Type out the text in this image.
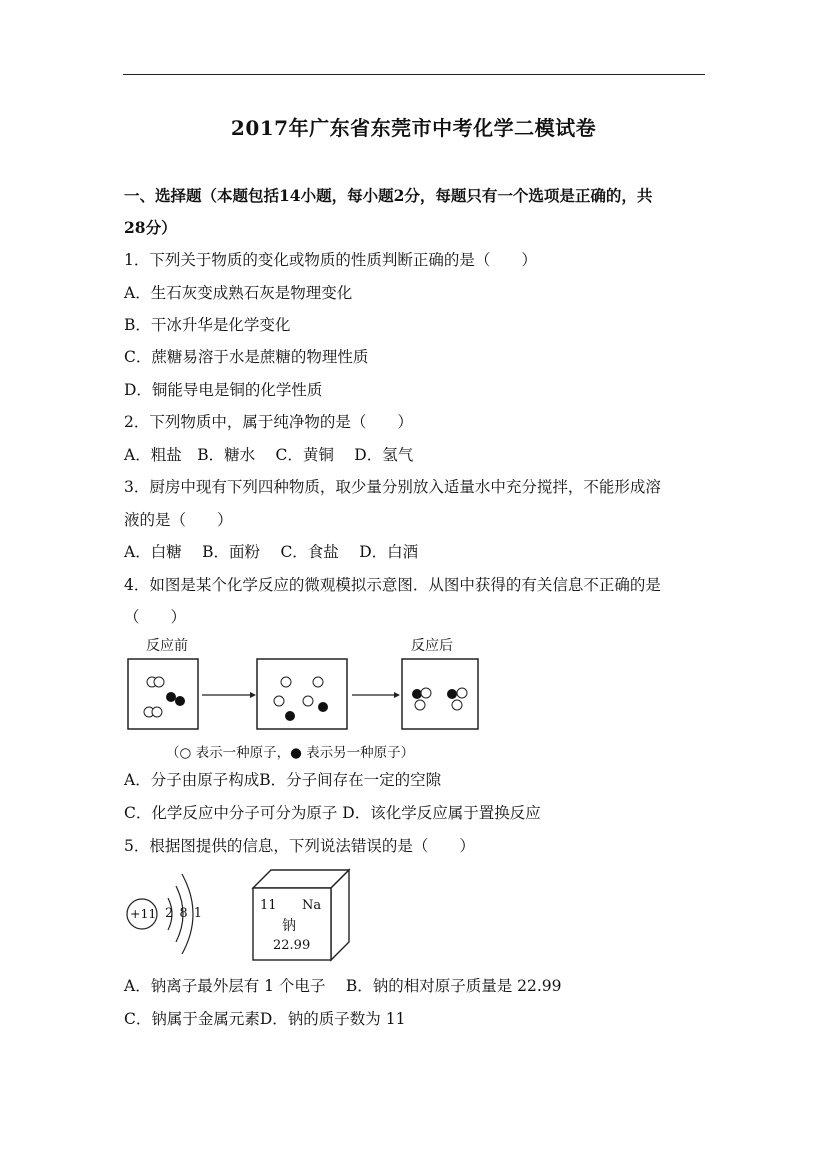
2017年广东省东莞市中考化学二模试卷
一、选择题（本题包括14小题，每小题2分，每题只有一个选项是正确的，共
28分）
1．下列关于物质的变化或物质的性质判断正确的是（　　）
A．生石灰变成熟石灰是物理变化
B．干冰升华是化学变化
C．蔗糖易溶于水是蔗糖的物理性质
D．铜能导电是铜的化学性质
2．下列物质中，属于纯净物的是（　　）
A．粗盐　B．糖水　 C．黄铜　 D．氢气
3．厨房中现有下列四种物质，取少量分别放入适量水中充分搅拌，不能形成溶
液的是（　　）
A．白糖　 B．面粉　 C．食盐　 D．白酒
4．如图是某个化学反应的微观模拟示意图．从图中获得的有关信息不正确的是
（　　）
反应前	反应后
（○ 表示一种原子，● 表示另一种原子）
A．分子由原子构成B．分子间存在一定的空隙
C．化学反应中分子可分为原子 D．该化学反应属于置换反应
5．根据图提供的信息，下列说法错误的是（　　）
+11 2 8 1
11 Na
钠
22.99
A．钠离子最外层有 1 个电子　 B．钠的相对原子质量是 22.99
C．钠属于金属元素D．钠的质子数为 11
